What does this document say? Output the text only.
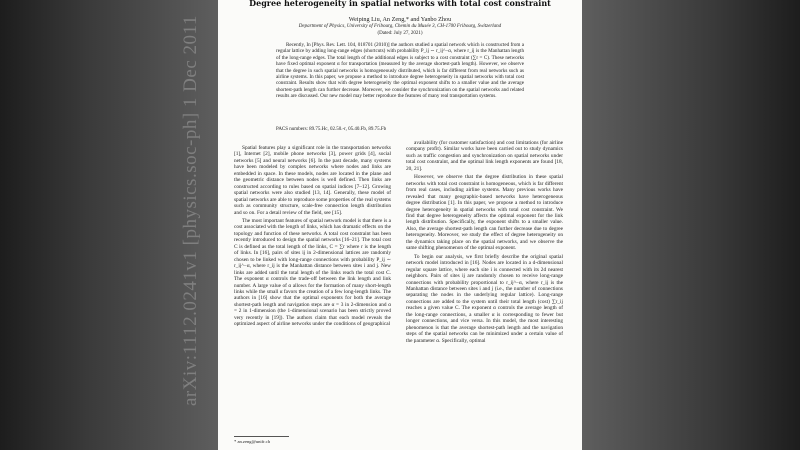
Degree heterogeneity in spatial networks with total cost constraint
Weiping Liu, An Zeng,* and Yanbo Zhou
Department of Physics, University of Fribourg, Chemin du Musée 3, CH-1700 Fribourg, Switzerland
(Dated: July 27, 2021)
Recently, In [Phys. Rev. Lett. 104, 018701 (2010)] the authors studied a spatial network which is constructed from a regular lattice by adding long-range edges (shortcuts) with probability P_ij ∼ r_ij^−α, where r_ij is the Manhattan length of the long-range edges. The total length of the additional edges is subject to a cost constraint (∑r = C). These networks have fixed optimal exponent α for transportation (measured by the average shortest-path length). However, we observe that the degree in such spatial networks is homogeneously distributed, which is far different from real networks such as airline systems. In this paper, we propose a method to introduce degree heterogeneity in spatial networks with total cost constraint. Results show that with degree heterogeneity the optimal exponent shifts to a smaller value and the average shortest-path length can further decrease. Moreover, we consider the synchronization on the spatial networks and related results are discussed. Our new model may better reproduce the features of many real transportation systems.
PACS numbers: 89.75.Hc, 02.50.-r, 05.40.Fb, 89.75.Fb

Spatial features play a significant role in the transportation networks [1], Internet [2], mobile phone networks [3], power grids [4], social networks [5] and neural networks [6]. In the past decade, many systems have been modeled by complex networks where nodes and links are embedded in space. In these models, nodes are located in the plane and the geometric distance between nodes is well defined. Then links are constructed according to rules based on spatial indices [7–12]. Growing spatial networks were also studied [13, 14]. Generally, these model of spatial networks are able to reproduce some properties of the real systems such as community structure, scale-free connection length distribution and so on. For a detail review of the field, see [15].

The most important features of spatial network model is that there is a cost associated with the length of links, which has dramatic effects on the topology and function of these networks. A total cost constraint has been recently introduced to design the spatial networks [16–21]. The total cost C is defined as the total length of the links, C = ∑r where r is the length of links. In [16], pairs of sites ij in 2-dimensional lattices are randomly chosen to be linked with long-range connections with probability P_ij ∼ r_ij^−α, where r_ij is the Manhattan distance between sites i and j. New links are added until the total length of the links reach the total cost C. The exponent α controls the trade-off between the link length and link number. A large value of α allows for the formation of many short-length links while the small α favors the creation of a few long-length links. The authors in [16] show that the optimal exponents for both the average shortest-path length and navigation steps are α = 3 in 2-dimension and α = 2 in 1-dimension (the 1-dimensional scenario has been strictly proved very recently in [19]). The authors claim that each model reveals the optimized aspect of airline networks under the conditions of geographical

availability (for customer satisfaction) and cost limitations (for airline company profit). Similar works have been carried out to study dynamics such as traffic congestion and synchronization on spatial networks under total cost constraint, and the optimal link length exponents are found [18, 20, 21].

However, we observe that the degree distribution in these spatial networks with total cost constraint is homogeneous, which is far different from real cases, including airline systems. Many previous works have revealed that many geographic-based networks have heterogeneous degree distribution [1]. In this paper, we propose a method to introduce degree heterogeneity in spatial networks with total cost constraint. We find that degree heterogeneity affects the optimal exponent for the link length distribution. Specifically, the exponent shifts to a smaller value. Also, the average shortest-path length can further decrease due to degree heterogeneity. Moreover, we study the effect of degree heterogeneity on the dynamics taking place on the spatial networks, and we observe the same shifting phenomenon of the optimal exponent.

To begin our analysis, we first briefly describe the original spatial network model introduced in [16]. Nodes are located in a d-dimensional regular square lattice, where each site i is connected with its 2d nearest neighbors. Pairs of sites ij are randomly chosen to receive long-range connections with probability proportional to r_ij^−α, where r_ij is the Manhattan distance between sites i and j (i.e., the number of connections separating the nodes in the underlying regular lattice). Long-range connections are added to the system until their total length (cost) ∑r_ij reaches a given value C. The exponent α controls the average length of the long-range connections, a smaller α is corresponding to fewer but longer connections, and vice versa. In this model, the most interesting phenomenon is that the average shortest-path length and the navigation steps of the spatial networks can be minimized under a certain value of the parameter α. Specifically, optimal

* an.zeng@unifr.ch
arXiv:1112.0241v1 [physics.soc-ph] 1 Dec 2011
